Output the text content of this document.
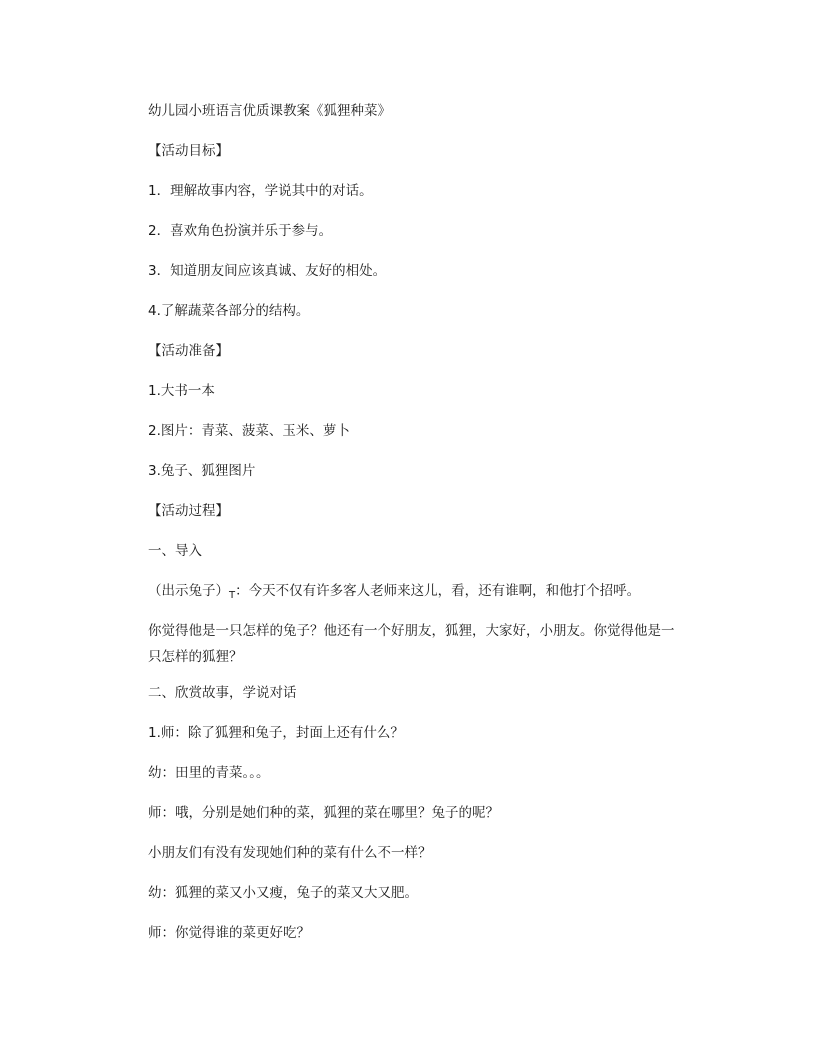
幼儿园小班语言优质课教案《狐狸种菜》

【活动目标】

1．理解故事内容，学说其中的对话。

2．喜欢角色扮演并乐于参与。

3．知道朋友间应该真诚、友好的相处。

4.了解蔬菜各部分的结构。

【活动准备】

1.大书一本

2.图片：青菜、菠菜、玉米、萝卜

3.兔子、狐狸图片

【活动过程】

一、导入

（出示兔子）$_T$：今天不仅有许多客人老师来这儿，看，还有谁啊，和他打个招呼。

你觉得他是一只怎样的兔子？他还有一个好朋友，狐狸，大家好，小朋友。你觉得他是一只怎样的狐狸？

二、欣赏故事，学说对话

1.师：除了狐狸和兔子，封面上还有什么？

幼：田里的青菜。。。

师：哦，分别是她们种的菜，狐狸的菜在哪里？兔子的呢？

小朋友们有没有发现她们种的菜有什么不一样？

幼：狐狸的菜又小又瘦，兔子的菜又大又肥。

师：你觉得谁的菜更好吃？
